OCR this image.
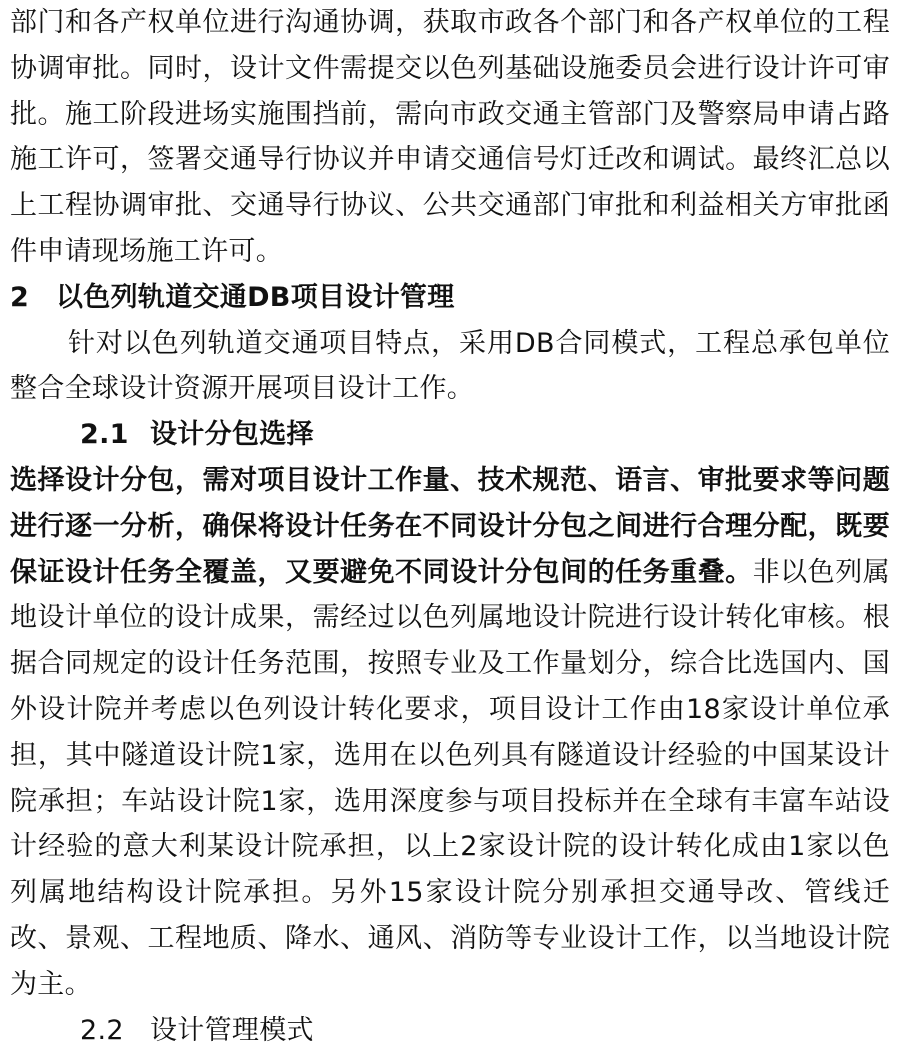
部门和各产权单位进行沟通协调，获取市政各个部门和各产权单位的工程协调审批。同时，设计文件需提交以色列基础设施委员会进行设计许可审批。施工阶段进场实施围挡前，需向市政交通主管部门及警察局申请占路施工许可，签署交通导行协议并申请交通信号灯迁改和调试。最终汇总以上工程协调审批、交通导行协议、公共交通部门审批和利益相关方审批函件申请现场施工许可。

2 以色列轨道交通DB项目设计管理

针对以色列轨道交通项目特点，采用DB合同模式，工程总承包单位整合全球设计资源开展项目设计工作。

2.1 设计分包选择

选择设计分包，需对项目设计工作量、技术规范、语言、审批要求等问题进行逐一分析，确保将设计任务在不同设计分包之间进行合理分配，既要保证设计任务全覆盖，又要避免不同设计分包间的任务重叠。非以色列属地设计单位的设计成果，需经过以色列属地设计院进行设计转化审核。根据合同规定的设计任务范围，按照专业及工作量划分，综合比选国内、国外设计院并考虑以色列设计转化要求，项目设计工作由18家设计单位承担，其中隧道设计院1家，选用在以色列具有隧道设计经验的中国某设计院承担；车站设计院1家，选用深度参与项目投标并在全球有丰富车站设计经验的意大利某设计院承担，以上2家设计院的设计转化成由1家以色列属地结构设计院承担。另外15家设计院分别承担交通导改、管线迁改、景观、工程地质、降水、通风、消防等专业设计工作，以当地设计院为主。

2.2 设计管理模式
